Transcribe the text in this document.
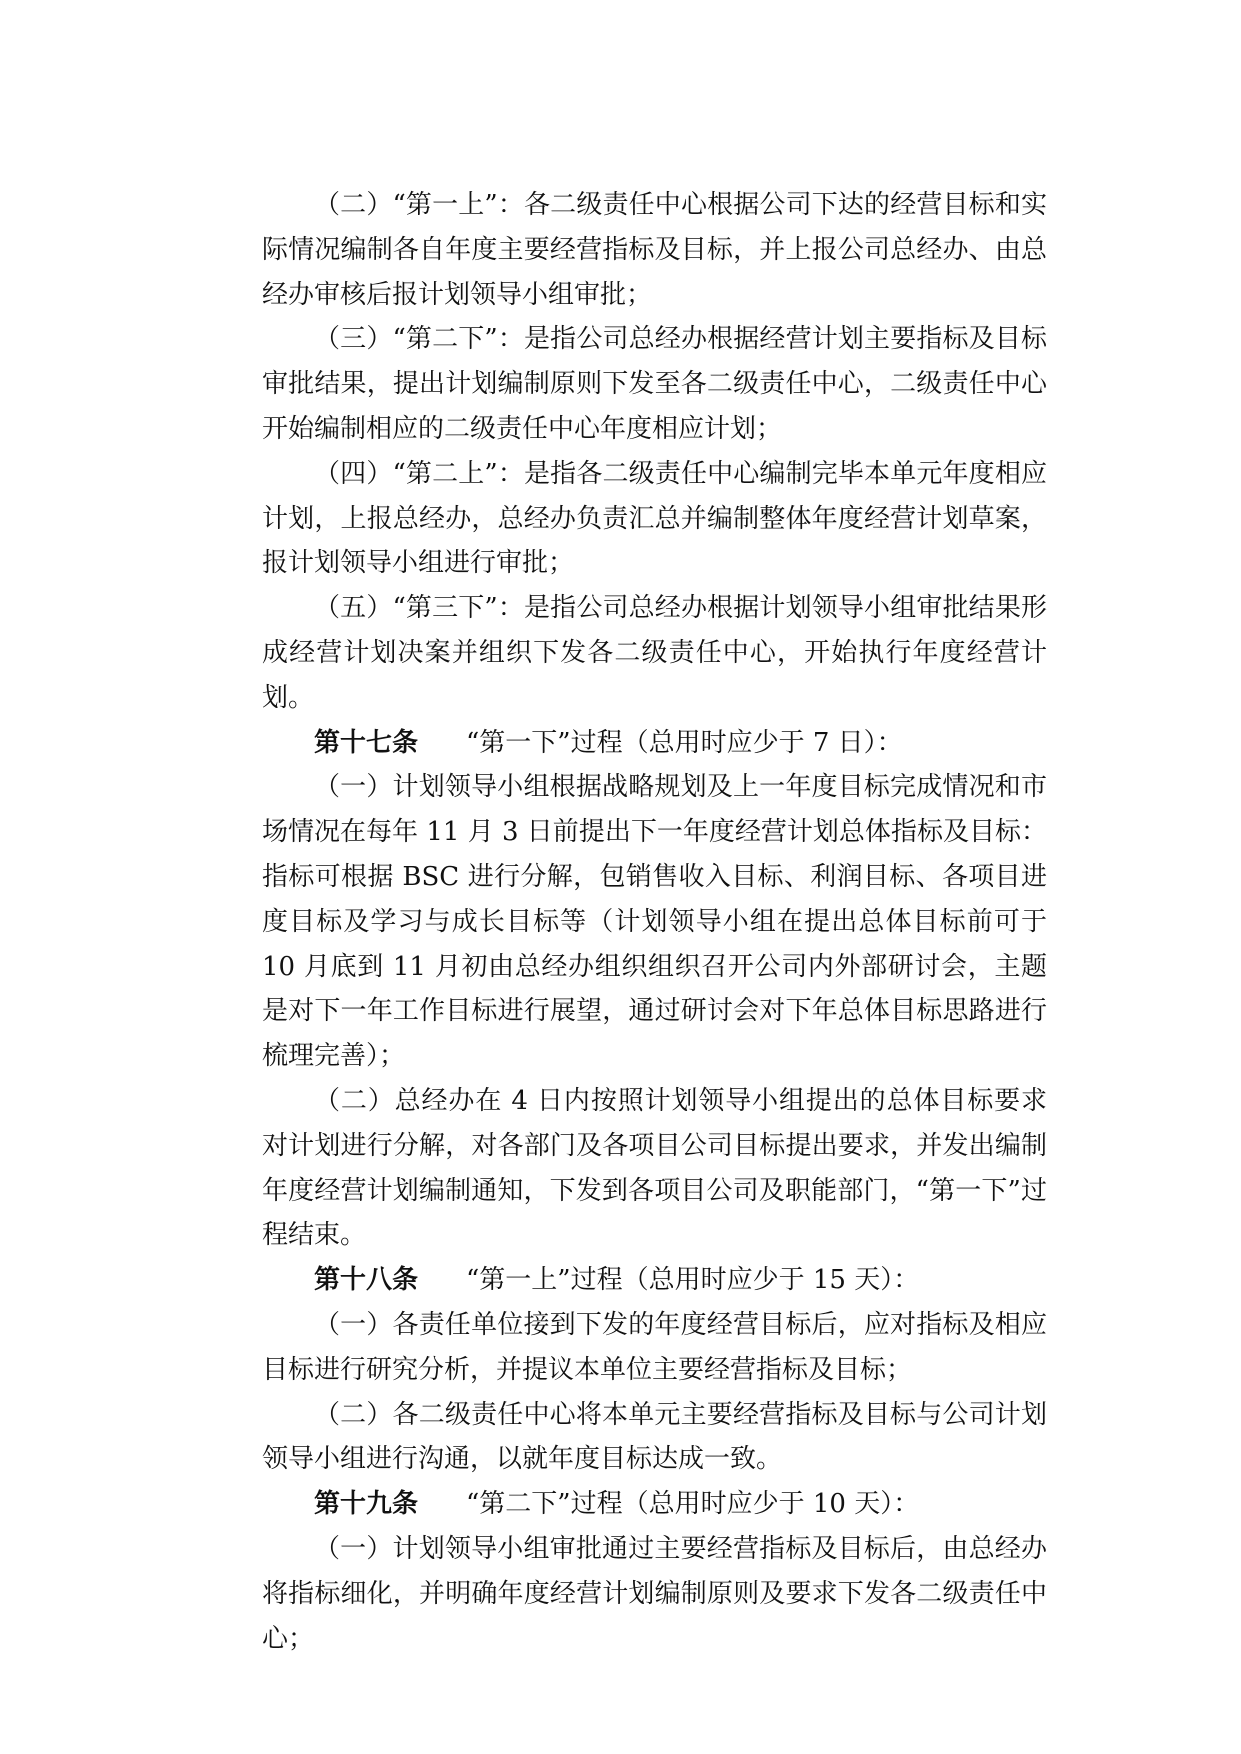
（二）“第一上”：各二级责任中心根据公司下达的经营目标和实际情况编制各自年度主要经营指标及目标，并上报公司总经办、由总经办审核后报计划领导小组审批；

（三）“第二下”：是指公司总经办根据经营计划主要指标及目标审批结果，提出计划编制原则下发至各二级责任中心，二级责任中心开始编制相应的二级责任中心年度相应计划；

（四）“第二上”：是指各二级责任中心编制完毕本单元年度相应计划，上报总经办，总经办负责汇总并编制整体年度经营计划草案，报计划领导小组进行审批；

（五）“第三下”：是指公司总经办根据计划领导小组审批结果形成经营计划决案并组织下发各二级责任中心，开始执行年度经营计划。

第十七条 “第一下”过程（总用时应少于 7 日）：

（一）计划领导小组根据战略规划及上一年度目标完成情况和市场情况在每年 11 月 3 日前提出下一年度经营计划总体指标及目标：指标可根据 BSC 进行分解，包销售收入目标、利润目标、各项目进度目标及学习与成长目标等（计划领导小组在提出总体目标前可于 10 月底到 11 月初由总经办组织组织召开公司内外部研讨会，主题是对下一年工作目标进行展望，通过研讨会对下年总体目标思路进行梳理完善）；

（二）总经办在 4 日内按照计划领导小组提出的总体目标要求对计划进行分解，对各部门及各项目公司目标提出要求，并发出编制年度经营计划编制通知，下发到各项目公司及职能部门，“第一下”过程结束。

第十八条 “第一上”过程（总用时应少于 15 天）：

（一）各责任单位接到下发的年度经营目标后，应对指标及相应目标进行研究分析，并提议本单位主要经营指标及目标；

（二）各二级责任中心将本单元主要经营指标及目标与公司计划领导小组进行沟通，以就年度目标达成一致。

第十九条 “第二下”过程（总用时应少于 10 天）：

（一）计划领导小组审批通过主要经营指标及目标后，由总经办将指标细化，并明确年度经营计划编制原则及要求下发各二级责任中心；
